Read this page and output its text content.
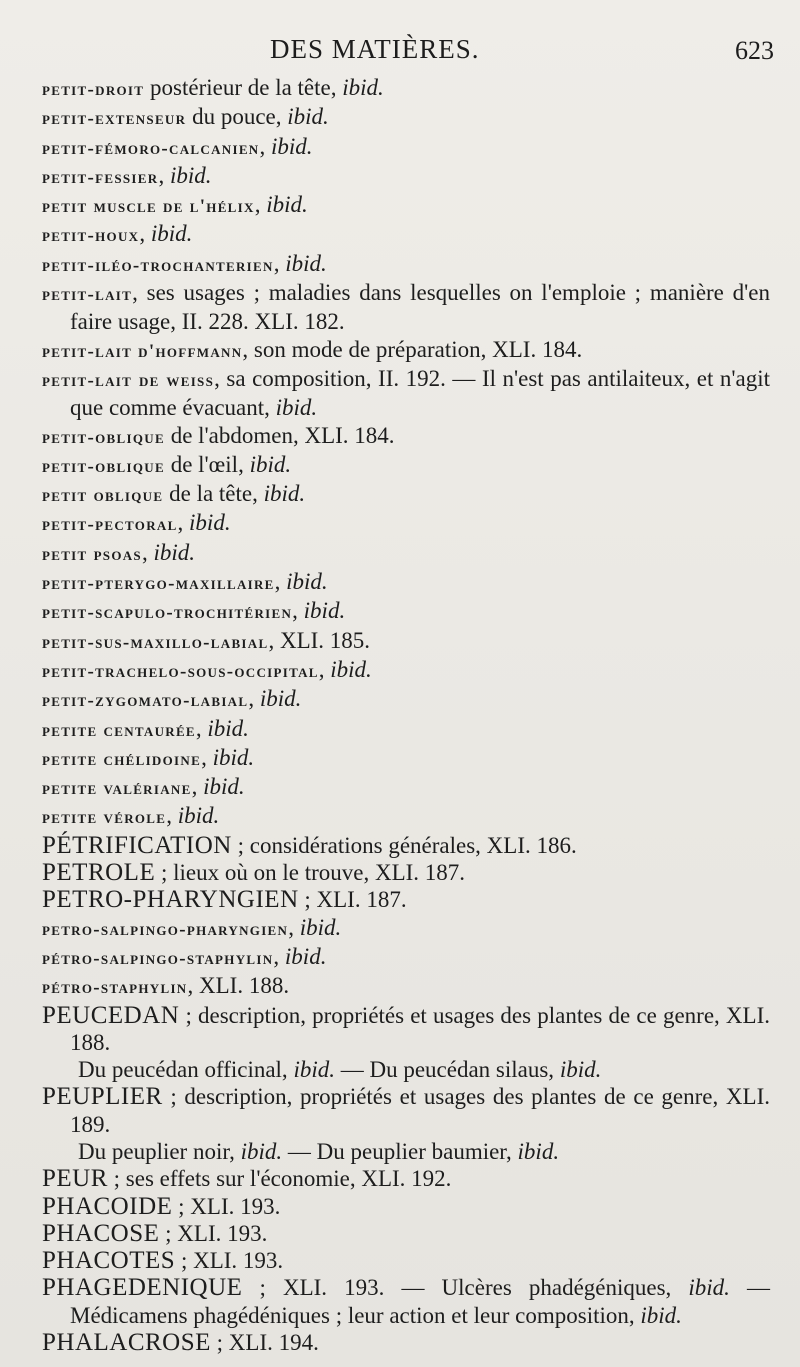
DES MATIÈRES.	623
petit-droit postérieur de la tête, ibid.
petit-extenseur du pouce, ibid.
petit-fémoro-calcanien, ibid.
petit-fessier, ibid.
petit muscle de l'hélix, ibid.
petit-houx, ibid.
petit-iléo-trochanterien, ibid.
petit-lait, ses usages ; maladies dans lesquelles on l'emploie ; manière d'en faire usage, II. 228. XLI. 182.
petit-lait d'hoffmann, son mode de préparation, XLI. 184.
petit-lait de weiss, sa composition, II. 192. — Il n'est pas antilaiteux, et n'agit que comme évacuant, ibid.
petit-oblique de l'abdomen, XLI. 184.
petit-oblique de l'œil, ibid.
petit oblique de la tête, ibid.
petit-pectoral, ibid.
petit psoas, ibid.
petit-pterygo-maxillaire, ibid.
petit-scapulo-trochitérien, ibid.
petit-sus-maxillo-labial, XLI. 185.
petit-trachelo-sous-occipital, ibid.
petit-zygomato-labial, ibid.
petite centaurée, ibid.
petite chélidoine, ibid.
petite valériane, ibid.
petite vérole, ibid.
PÉTRIFICATION ; considérations générales, XLI. 186.
PETROLE ; lieux où on le trouve, XLI. 187.
PETRO-PHARYNGIEN ; XLI. 187.
petro-salpingo-pharyngien, ibid.
pétro-salpingo-staphylin, ibid.
pétro-staphylin, XLI. 188.
PEUCEDAN ; description, propriétés et usages des plantes de ce genre, XLI. 188.
Du peucédan officinal, ibid. — Du peucédan silaus, ibid.
PEUPLIER ; description, propriétés et usages des plantes de ce genre, XLI. 189.
Du peuplier noir, ibid. — Du peuplier baumier, ibid.
PEUR ; ses effets sur l'économie, XLI. 192.
PHACOIDE ; XLI. 193.
PHACOSE ; XLI. 193.
PHACOTES ; XLI. 193.
PHAGEDENIQUE ; XLI. 193. — Ulcères phadégéniques, ibid. — Médicamens phagédéniques ; leur action et leur composition, ibid.
PHALACROSE ; XLI. 194.
